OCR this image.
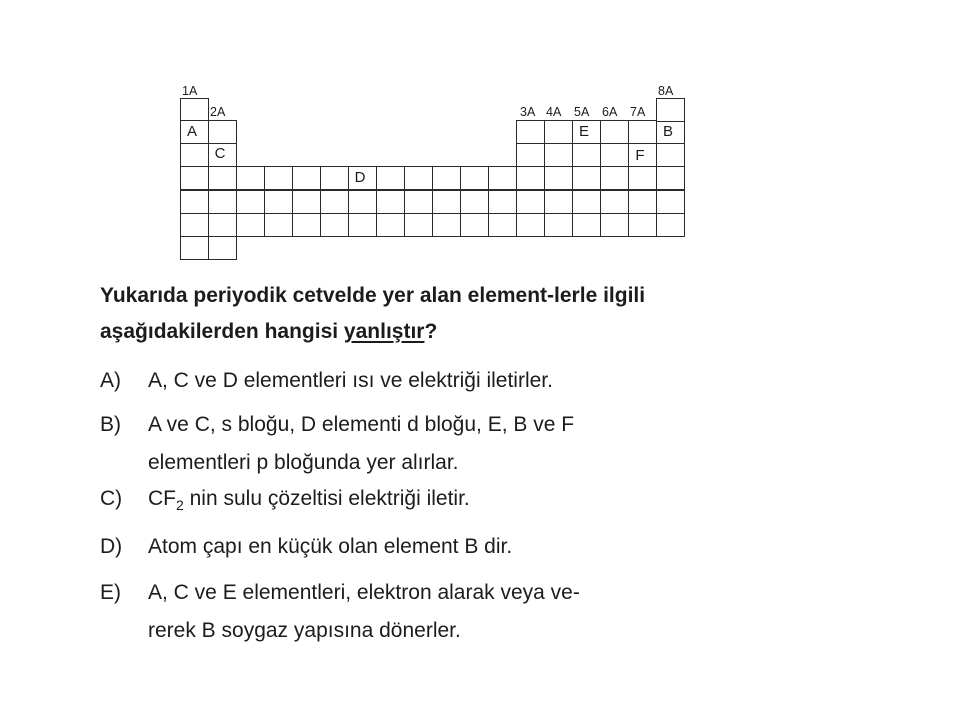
1A
2A	3A 4A 5A 6A 7A
8A
A
C
D
E
F
B
Yukarıda periyodik cetvelde yer alan element-lerle ilgili aşağıdakilerden hangisi yanlıştır?
A) A, C ve D elementleri ısı ve elektriği iletirler.
B) A ve C, s bloğu, D elementi d bloğu, E, B ve F
elementleri p bloğunda yer alırlar.
C) $CF_2$ nin sulu çözeltisi elektriği iletir.
D) Atom çapı en küçük olan element B dir.
E) A, C ve E elementleri, elektron alarak veya ve-
rerek B soygaz yapısına dönerler.
